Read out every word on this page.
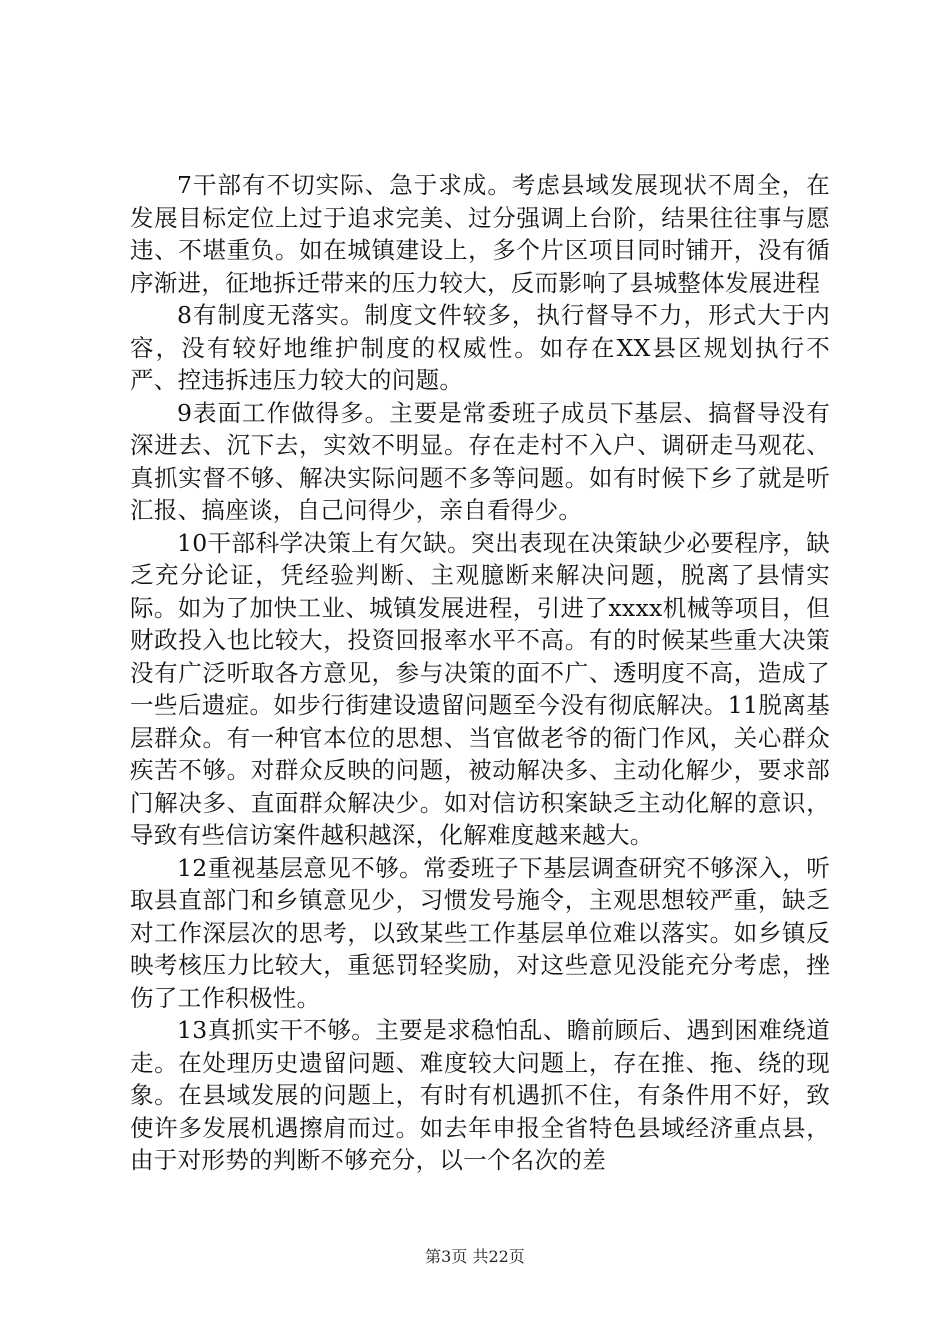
7干部有不切实际、急于求成。考虑县域发展现状不周全，在发展目标定位上过于追求完美、过分强调上台阶，结果往往事与愿违、不堪重负。如在城镇建设上，多个片区项目同时铺开，没有循序渐进，征地拆迁带来的压力较大，反而影响了县城整体发展进程

8有制度无落实。制度文件较多，执行督导不力，形式大于内容，没有较好地维护制度的权威性。如存在XX县区规划执行不严、控违拆违压力较大的问题。

9表面工作做得多。主要是常委班子成员下基层、搞督导没有深进去、沉下去，实效不明显。存在走村不入户、调研走马观花、真抓实督不够、解决实际问题不多等问题。如有时候下乡了就是听汇报、搞座谈，自己问得少，亲自看得少。

10干部科学决策上有欠缺。突出表现在决策缺少必要程序，缺乏充分论证，凭经验判断、主观臆断来解决问题，脱离了县情实际。如为了加快工业、城镇发展进程，引进了xxxx机械等项目，但财政投入也比较大，投资回报率水平不高。有的时候某些重大决策没有广泛听取各方意见，参与决策的面不广、透明度不高，造成了一些后遗症。如步行街建设遗留问题至今没有彻底解决。11脱离基层群众。有一种官本位的思想、当官做老爷的衙门作风，关心群众疾苦不够。对群众反映的问题，被动解决多、主动化解少，要求部门解决多、直面群众解决少。如对信访积案缺乏主动化解的意识，导致有些信访案件越积越深，化解难度越来越大。

12重视基层意见不够。常委班子下基层调查研究不够深入，听取县直部门和乡镇意见少，习惯发号施令，主观思想较严重，缺乏对工作深层次的思考，以致某些工作基层单位难以落实。如乡镇反映考核压力比较大，重惩罚轻奖励，对这些意见没能充分考虑，挫伤了工作积极性。

13真抓实干不够。主要是求稳怕乱、瞻前顾后、遇到困难绕道走。在处理历史遗留问题、难度较大问题上，存在推、拖、绕的现象。在县域发展的问题上，有时有机遇抓不住，有条件用不好，致使许多发展机遇擦肩而过。如去年申报全省特色县域经济重点县，由于对形势的判断不够充分，以一个名次的差

第3页 共22页
